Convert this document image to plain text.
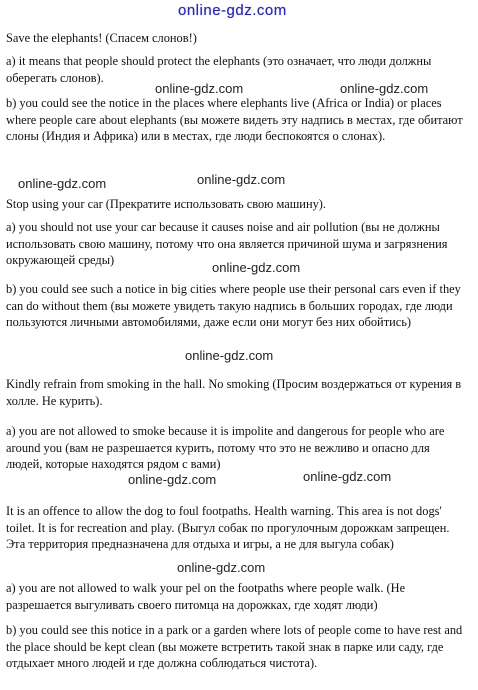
online-gdz.com

Save the elephants! (Спасем слонов!)

a) it means that people should protect the elephants (это означает, что люди должны оберегать слонов).

b) you could see the notice in the places where elephants live (Africa or India) or places where people care about elephants (вы можете видеть эту надпись в местах, где обитают слоны (Индия и Африка) или в местах, где люди беспокоятся о слонах).

Stop using your car (Прекратите использовать свою машину).

a) you should not use your car because it causes noise and air pollution (вы не должны использовать свою машину, потому что она является причиной шума и загрязнения окружающей среды)

b) you could see such a notice in big cities where people use their personal cars even if they can do without them (вы можете увидеть такую надпись в больших городах, где люди пользуются личными автомобилями, даже если они могут без них обойтись)

Kindly refrain from smoking in the hall. No smoking (Просим воздержаться от курения в холле. Не курить).

a) you are not allowed to smoke because it is impolite and dangerous for people who are around you (вам не разрешается курить, потому что это не вежливо и опасно для людей, которые находятся рядом с вами)

It is an offence to allow the dog to foul footpaths. Health warning. This area is not dogs' toilet. It is for recreation and play. (Выгул собак по прогулочным дорожкам запрещен. Эта территория предназначена для отдыха и игры, а не для выгула собак)

a) you are not allowed to walk your pel on the footpaths where people walk. (Не разрешается выгуливать своего питомца на дорожках, где ходят люди)

b) you could see this notice in a park or a garden where lots of people come to have rest and the place should be kept clean (вы можете встретить такой знак в парке или саду, где отдыхает много людей и где должна соблюдаться чистота).

online-gdz.com	online-gdz.com
online-gdz.com	online-gdz.com
online-gdz.com
online-gdz.com
online-gdz.com	online-gdz.com
online-gdz.com
